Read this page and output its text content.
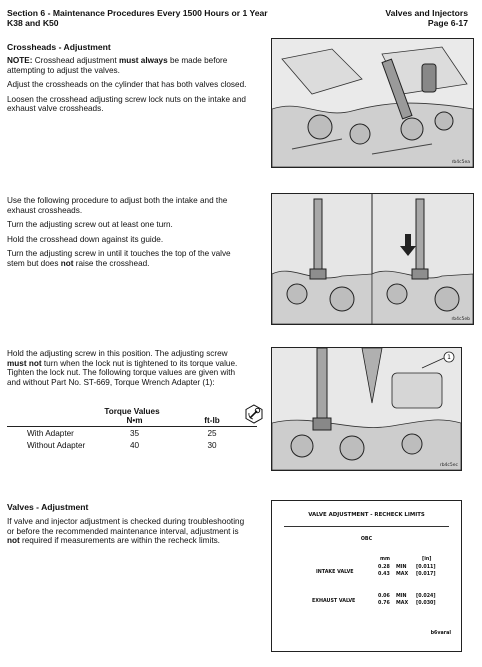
Section 6 - Maintenance Procedures Every 1500 Hours or 1 Year
K38 and K50
Valves and Injectors
Page 6-17
Crossheads - Adjustment

NOTE: Crosshead adjustment must always be made before attempting to adjust the valves.

Adjust the crossheads on the cylinder that has both valves closed.

Loosen the crosshead adjusting screw lock nuts on the intake and exhaust valve crossheads.

rb4c5ea

Use the following procedure to adjust both the intake and the exhaust crossheads.

Turn the adjusting screw out at least one turn.

Hold the crosshead down against its guide.

Turn the adjusting screw in until it touches the top of the valve stem but does not raise the crosshead.

rb4c5eb

Hold the adjusting screw in this position. The adjusting screw must not turn when the lock nut is tightened to its torque value. Tighten the lock nut. The following torque values are given with and without Part No. ST-669, Torque Wrench Adapter (1):

Torque Values
N•m	ft-lb
With Adapter	35	25
Without Adapter	40	30
1
rb4c5ec
Valves - Adjustment

If valve and injector adjustment is checked during troubleshooting or before the recommended maintenance interval, adjustment is not required if measurements are within the recheck limits.

VALVE ADJUSTMENT - RECHECK LIMITS
OBC
mm	[in]
INTAKE VALVE
0.28 MIN [0.011]
0.43 MAX [0.017]
EXHAUST VALVE
0.06 MIN [0.024]
0.76 MAX [0.030]
b6varal
